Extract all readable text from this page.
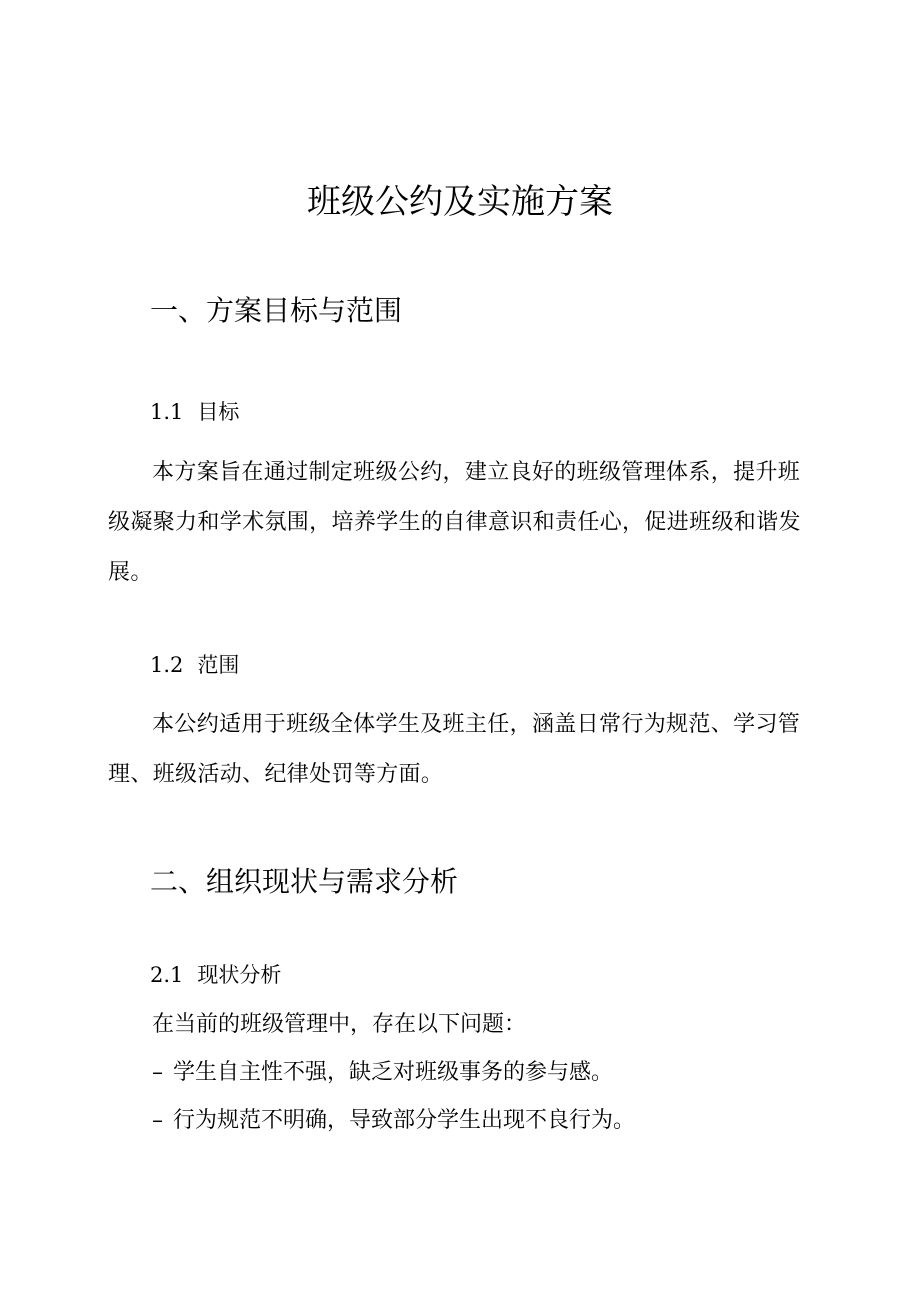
班级公约及实施方案
一、方案目标与范围
1.1 目标

本方案旨在通过制定班级公约，建立良好的班级管理体系，提升班级凝聚力和学术氛围，培养学生的自律意识和责任心，促进班级和谐发展。

1.2 范围

本公约适用于班级全体学生及班主任，涵盖日常行为规范、学习管理、班级活动、纪律处罚等方面。

二、组织现状与需求分析
2.1 现状分析

在当前的班级管理中，存在以下问题：

– 学生自主性不强，缺乏对班级事务的参与感。

– 行为规范不明确，导致部分学生出现不良行为。
